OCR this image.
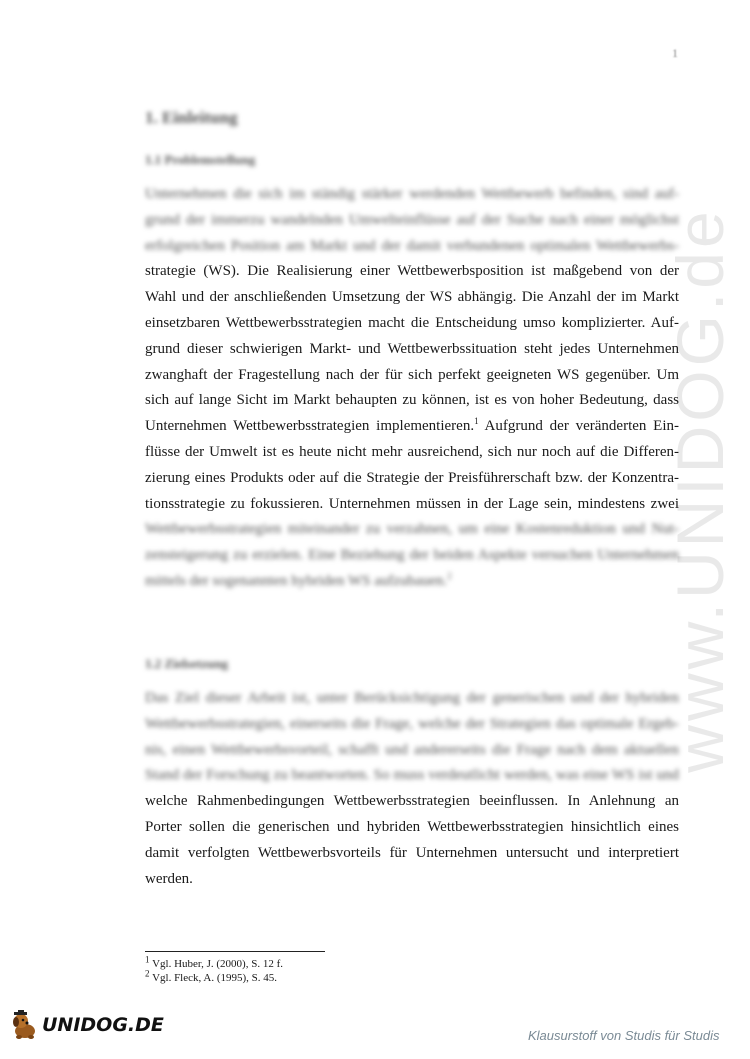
1
www.UNIDOG.de
1. Einleitung
1.1 Problemstellung
Unternehmen die sich im ständig stärker werdenden Wettbewerb befinden, sind auf-
grund der immerzu wandelnden Umwelteinflüsse auf der Suche nach einer möglichst
erfolgreichen Position am Markt und der damit verbundenen optimalen Wettbewerbs-
strategie (WS). Die Realisierung einer Wettbewerbsposition ist maßgebend von der
Wahl und der anschließenden Umsetzung der WS abhängig. Die Anzahl der im Markt
einsetzbaren Wettbewerbsstrategien macht die Entscheidung umso komplizierter. Auf-
grund dieser schwierigen Markt- und Wettbewerbssituation steht jedes Unternehmen
zwanghaft der Fragestellung nach der für sich perfekt geeigneten WS gegenüber. Um
sich auf lange Sicht im Markt behaupten zu können, ist es von hoher Bedeutung, dass
Unternehmen Wettbewerbsstrategien implementieren.$^1$ Aufgrund der veränderten Ein-
flüsse der Umwelt ist es heute nicht mehr ausreichend, sich nur noch auf die Differen-
zierung eines Produkts oder auf die Strategie der Preisführerschaft bzw. der Konzentra-
tionsstrategie zu fokussieren. Unternehmen müssen in der Lage sein, mindestens zwei
Wettbewerbsstrategien miteinander zu verzahnen, um eine Kostenreduktion und Nut-
zensteigerung zu erzielen. Eine Beziehung der beiden Aspekte versuchen Unternehmen
mittels der sogenannten hybriden WS aufzubauen.$^2$
1.2 Zielsetzung
Das Ziel dieser Arbeit ist, unter Berücksichtigung der generischen und der hybriden
Wettbewerbsstrategien, einerseits die Frage, welche der Strategien das optimale Ergeb-
nis, einen Wettbewerbsvorteil, schafft und andererseits die Frage nach dem aktuellen
Stand der Forschung zu beantworten. So muss verdeutlicht werden, was eine WS ist und
welche Rahmenbedingungen Wettbewerbsstrategien beeinflussen. In Anlehnung an
Porter sollen die generischen und hybriden Wettbewerbsstrategien hinsichtlich eines
damit verfolgten Wettbewerbsvorteils für Unternehmen untersucht und interpretiert
werden.
$^1$ Vgl. Huber, J. (2000), S. 12 f.
$^2$ Vgl. Fleck, A. (1995), S. 45.
UNIDOG.DE	Klausurstoff von Studis für Studis
